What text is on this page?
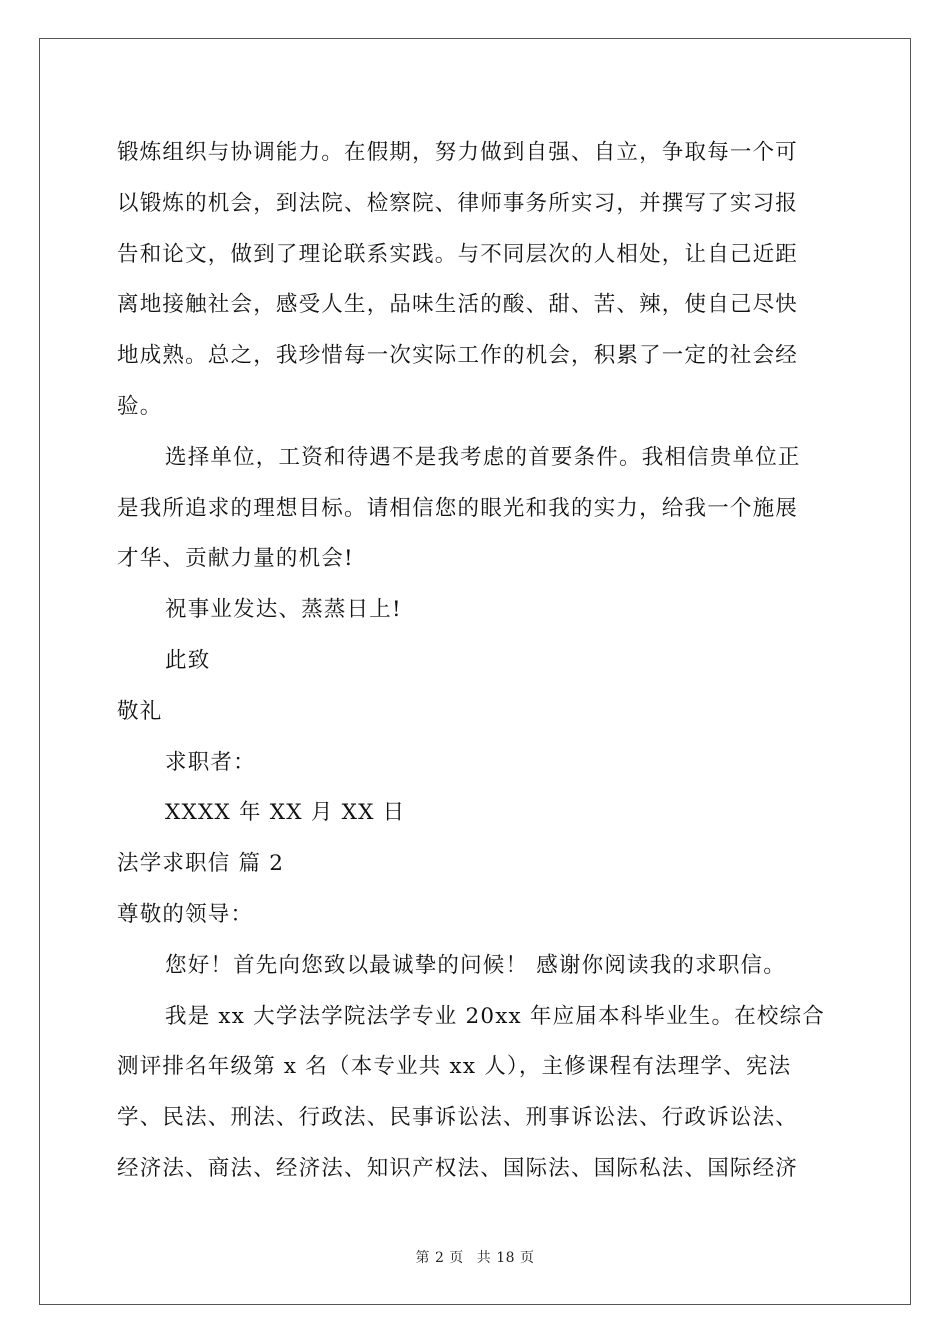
锻炼组织与协调能力。在假期，努力做到自强、自立，争取每一个可
以锻炼的机会，到法院、检察院、律师事务所实习，并撰写了实习报
告和论文，做到了理论联系实践。与不同层次的人相处，让自己近距
离地接触社会，感受人生，品味生活的酸、甜、苦、辣，使自己尽快
地成熟。总之，我珍惜每一次实际工作的机会，积累了一定的社会经
验。
选择单位，工资和待遇不是我考虑的首要条件。我相信贵单位正
是我所追求的理想目标。请相信您的眼光和我的实力，给我一个施展
才华、贡献力量的机会!
祝事业发达、蒸蒸日上!
此致
敬礼
求职者：
XXXX 年 XX 月 XX 日
法学求职信 篇 2
尊敬的领导：
您好！首先向您致以最诚挚的问候！ 感谢你阅读我的求职信。
我是 xx 大学法学院法学专业 20xx 年应届本科毕业生。在校综合
测评排名年级第 x 名（本专业共 xx 人），主修课程有法理学、宪法
学、民法、刑法、行政法、民事诉讼法、刑事诉讼法、行政诉讼法、
经济法、商法、经济法、知识产权法、国际法、国际私法、国际经济
第 2 页 共 18 页
